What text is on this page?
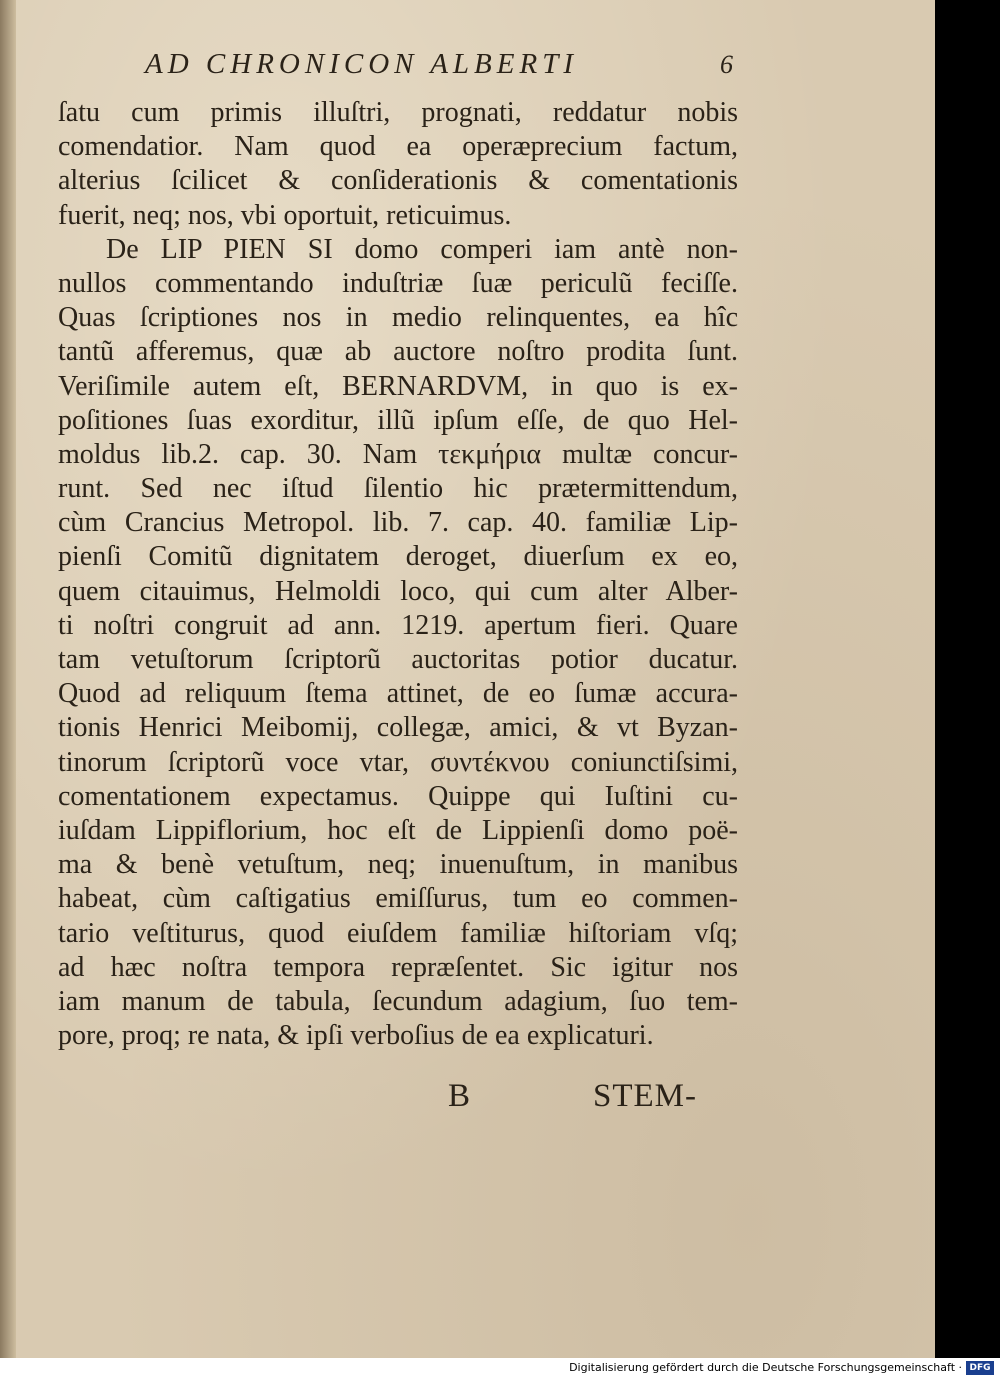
AD CHRONICON ALBERTI	6
ſatu cum primis illuſtri, prognati, reddatur nobis
comendatior. Nam quod ea operæprecium factum,
alterius ſcilicet & conſiderationis & comentationis
fuerit, neq; nos, vbi oportuit, reticuimus.
De LIP PIEN SI domo comperi iam antè non-
nullos commentando induſtriæ ſuæ periculũ feciſſe.
Quas ſcriptiones nos in medio relinquentes, ea hîc
tantũ afferemus, quæ ab auctore noſtro prodita ſunt.
Veriſimile autem eſt, BERNARDVM, in quo is ex-
poſitiones ſuas exorditur, illũ ipſum eſſe, de quo Hel-
moldus lib.2. cap. 30. Nam τεκμήρια multæ concur-
runt. Sed nec iſtud ſilentio hic prætermittendum,
cùm Crancius Metropol. lib. 7. cap. 40. familiæ Lip-
pienſi Comitũ dignitatem deroget, diuerſum ex eo,
quem citauimus, Helmoldi loco, qui cum alter Alber-
ti noſtri congruit ad ann. 1219. apertum fieri. Quare
tam vetuſtorum ſcriptorũ auctoritas potior ducatur.
Quod ad reliquum ſtema attinet, de eo ſumæ accura-
tionis Henrici Meibomij, collegæ, amici, & vt Byzan-
tinorum ſcriptorũ voce vtar, συντέκνου coniunctiſsimi,
comentationem expectamus. Quippe qui Iuſtini cu-
iuſdam Lippiflorium, hoc eſt de Lippienſi domo poë-
ma & benè vetuſtum, neq; inuenuſtum, in manibus
habeat, cùm caſtigatius emiſſurus, tum eo commen-
tario veſtiturus, quod eiuſdem familiæ hiſtoriam vſq;
ad hæc noſtra tempora repræſentet. Sic igitur nos
iam manum de tabula, ſecundum adagium, ſuo tem-
pore, proq; re nata, & ipſi verboſius de ea explicaturi.
B	STEM-
Digitalisierung gefördert durch die Deutsche Forschungsgemeinschaft · DFG
